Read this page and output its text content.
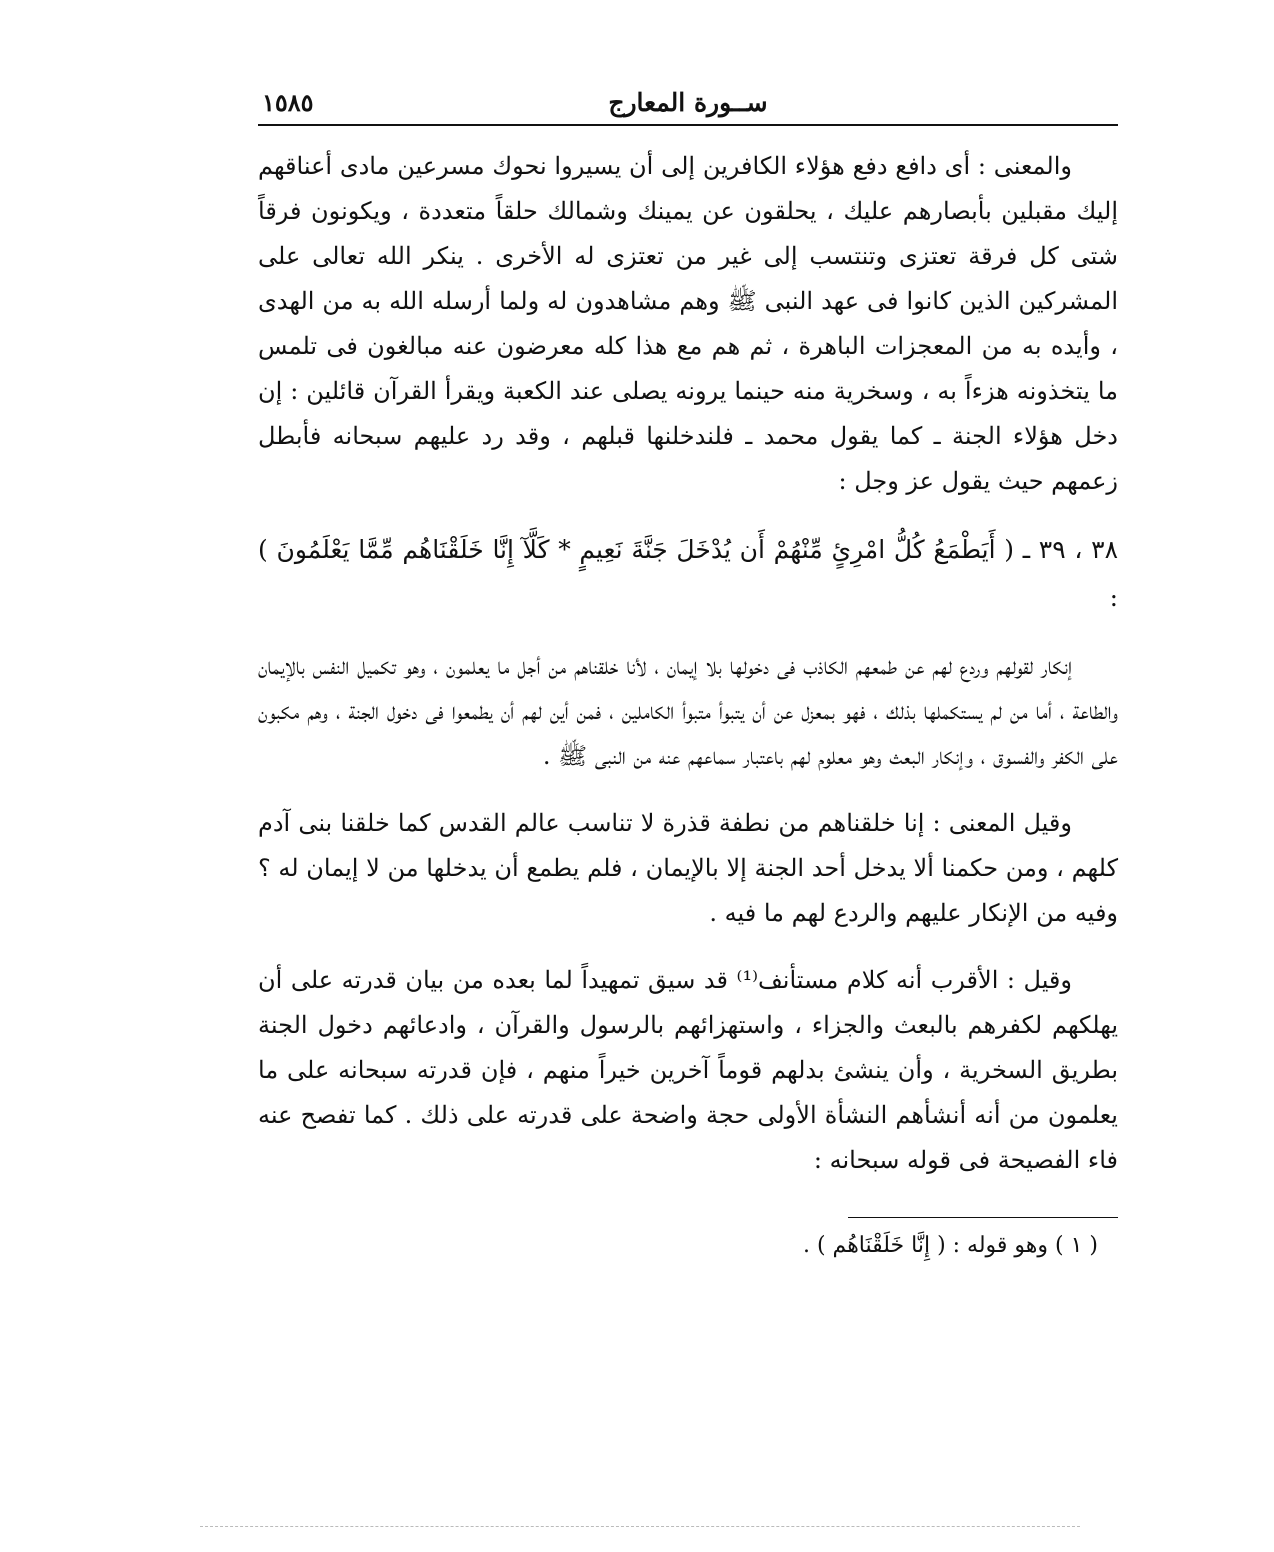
ســورة المعارج
١٥٨٥

والمعنى : أى دافع دفع هؤلاء الكافرين إلى أن يسيروا نحوك مسرعين مادى أعناقهم إليك مقبلين بأبصارهم عليك ، يحلقون عن يمينك وشمالك حلقاً متعددة ، ويكونون فرقاً شتى كل فرقة تعتزى وتنتسب إلى غير من تعتزى له الأخرى . ينكر الله تعالى على المشركين الذين كانوا فى عهد النبى ﷺ وهم مشاهدون له ولما أرسله الله به من الهدى ، وأيده به من المعجزات الباهرة ، ثم هم مع هذا كله معرضون عنه مبالغون فى تلمس ما يتخذونه هزءاً به ، وسخرية منه حينما يرونه يصلى عند الكعبة ويقرأ القرآن قائلين : إن دخل هؤلاء الجنة ـ كما يقول محمد ـ فلندخلنها قبلهم ، وقد رد عليهم سبحانه فأبطل زعمهم حيث يقول عز وجل :

٣٨ ، ٣٩ ـ ( أَيَطْمَعُ كُلُّ امْرِئٍ مِّنْهُمْ أَن يُدْخَلَ جَنَّةَ نَعِيمٍ * كَلَّآ إِنَّا خَلَقْنَاهُم مِّمَّا يَعْلَمُونَ ) :

إنكار لقولهم وردع لهم عن طمعهم الكاذب فى دخولها بلا إيمان ، لأنا خلقناهم من أجل ما يعلمون ، وهو تكميل النفس بالإيمان والطاعة ، أما من لم يستكملها بذلك ، فهو بمعزل عن أن يتبوأ متبوأ الكاملين ، فمن أين لهم أن يطمعوا فى دخول الجنة ، وهم مكبون على الكفر والفسوق ، وإنكار البعث وهو معلوم لهم باعتبار سماعهم عنه من النبى ﷺ .

وقيل المعنى : إنا خلقناهم من نطفة قذرة لا تناسب عالم القدس كما خلقنا بنى آدم كلهم ، ومن حكمنا ألا يدخل أحد الجنة إلا بالإيمان ، فلم يطمع أن يدخلها من لا إيمان له ؟ وفيه من الإنكار عليهم والردع لهم ما فيه .

وقيل : الأقرب أنه كلام مستأنف⁽¹⁾ قد سيق تمهيداً لما بعده من بيان قدرته على أن يهلكهم لكفرهم بالبعث والجزاء ، واستهزائهم بالرسول والقرآن ، وادعائهم دخول الجنة بطريق السخرية ، وأن ينشئ بدلهم قوماً آخرين خيراً منهم ، فإن قدرته سبحانه على ما يعلمون من أنه أنشأهم النشأة الأولى حجة واضحة على قدرته على ذلك . كما تفصح عنه فاء الفصيحة فى قوله سبحانه :

( ١ ) وهو قوله : ( إِنَّا خَلَقْنَاهُم ) .
